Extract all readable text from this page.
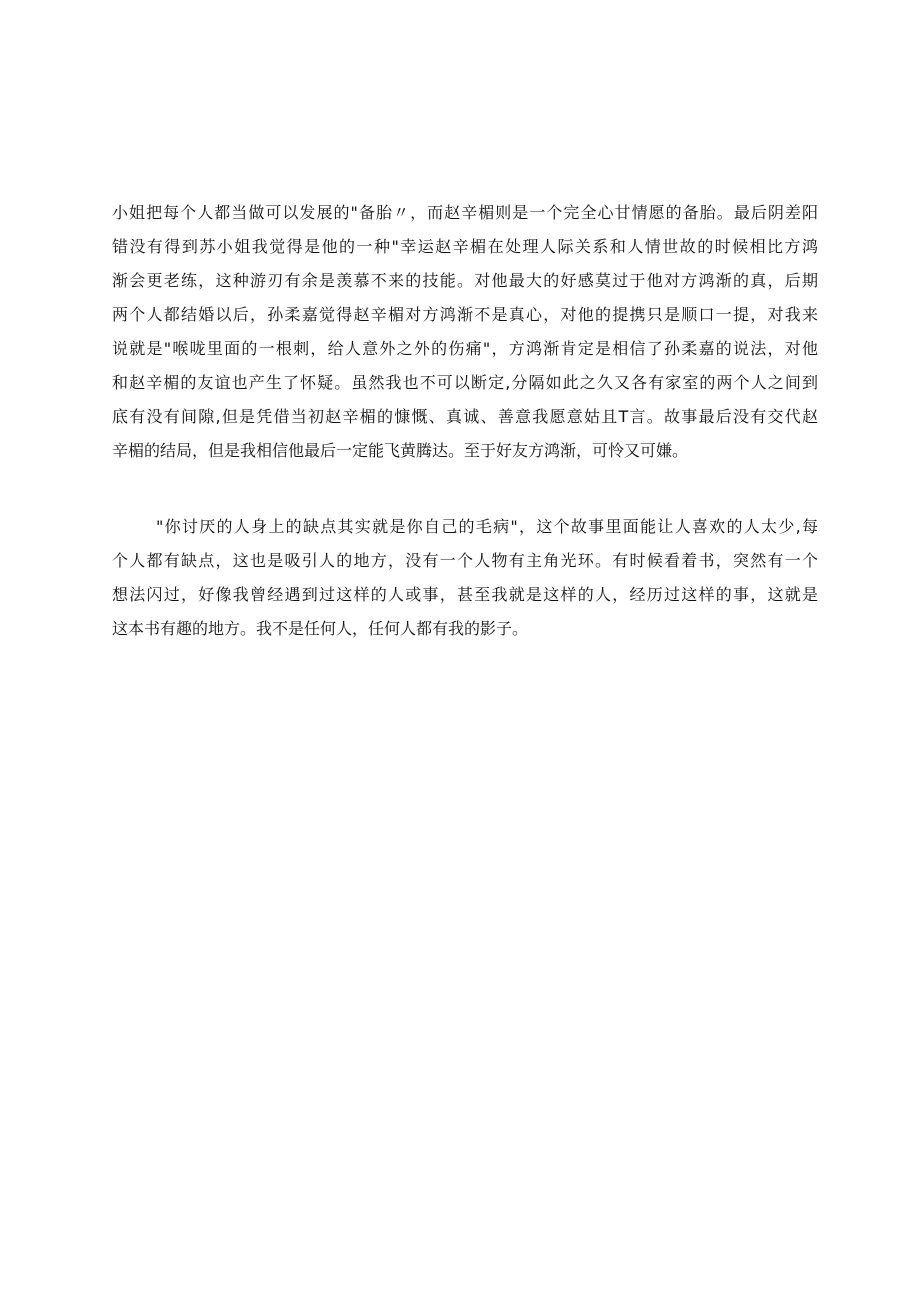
小姐把每个人都当做可以发展的"备胎〃，而赵辛楣则是一个完全心甘情愿的备胎。最后阴差阳
错没有得到苏小姐我觉得是他的一种"幸运赵辛楣在处理人际关系和人情世故的时候相比方鸿
渐会更老练，这种游刃有余是羡慕不来的技能。对他最大的好感莫过于他对方鸿渐的真，后期
两个人都结婚以后，孙柔嘉觉得赵辛楣对方鸿渐不是真心，对他的提携只是顺口一提，对我来
说就是"喉咙里面的一根刺，给人意外之外的伤痛"，方鸿渐肯定是相信了孙柔嘉的说法，对他
和赵辛楣的友谊也产生了怀疑。虽然我也不可以断定,分隔如此之久又各有家室的两个人之间到
底有没有间隙,但是凭借当初赵辛楣的慷慨、真诚、善意我愿意姑且T言。故事最后没有交代赵
辛楣的结局，但是我相信他最后一定能飞黄腾达。至于好友方鸿渐，可怜又可嫌。
"你讨厌的人身上的缺点其实就是你自己的毛病"，这个故事里面能让人喜欢的人太少,每
个人都有缺点，这也是吸引人的地方，没有一个人物有主角光环。有时候看着书，突然有一个
想法闪过，好像我曾经遇到过这样的人或事，甚至我就是这样的人，经历过这样的事，这就是
这本书有趣的地方。我不是任何人，任何人都有我的影子。
